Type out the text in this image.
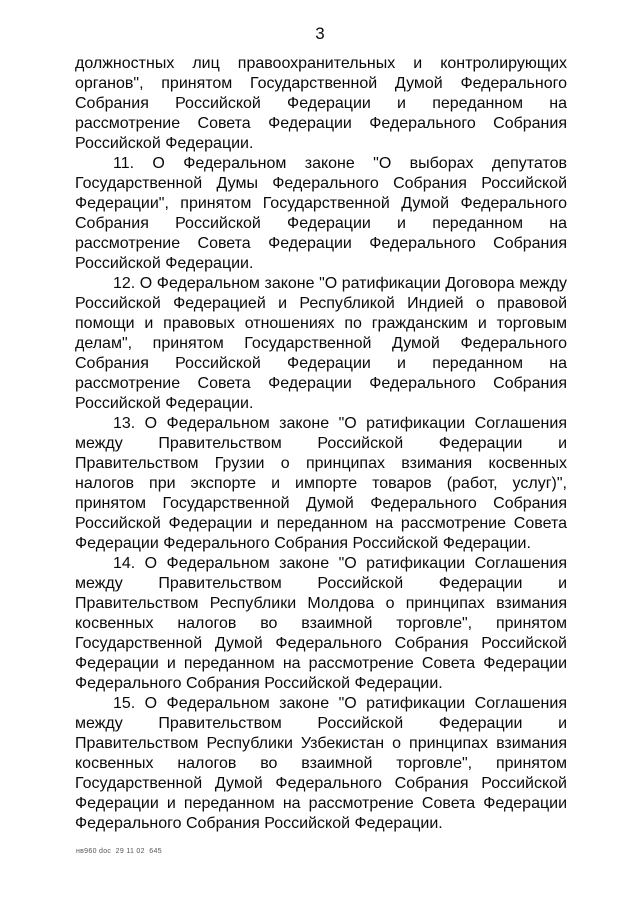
3

должностных лиц правоохранительных и контролирующих органов", принятом Государственной Думой Федерального Собрания Российской Федерации и переданном на рассмотрение Совета Федерации Федерального Собрания Российской Федерации.

11. О Федеральном законе "О выборах депутатов Государственной Думы Федерального Собрания Российской Федерации", принятом Государственной Думой Федерального Собрания Российской Федерации и переданном на рассмотрение Совета Федерации Федерального Собрания Российской Федерации.

12. О Федеральном законе "О ратификации Договора между Российской Федерацией и Республикой Индией о правовой помощи и правовых отношениях по гражданским и торговым делам", принятом Государственной Думой Федерального Собрания Российской Федерации и переданном на рассмотрение Совета Федерации Федерального Собрания Российской Федерации.

13. О Федеральном законе "О ратификации Соглашения между Правительством Российской Федерации и Правительством Грузии о принципах взимания косвенных налогов при экспорте и импорте товаров (работ, услуг)", принятом Государственной Думой Федерального Собрания Российской Федерации и переданном на рассмотрение Совета Федерации Федерального Собрания Российской Федерации.

14. О Федеральном законе "О ратификации Соглашения между Правительством Российской Федерации и Правительством Республики Молдова о принципах взимания косвенных налогов во взаимной торговле", принятом Государственной Думой Федерального Собрания Российской Федерации и переданном на рассмотрение Совета Федерации Федерального Собрания Российской Федерации.

15. О Федеральном законе "О ратификации Соглашения между Правительством Российской Федерации и Правительством Республики Узбекистан о принципах взимания косвенных налогов во взаимной торговле", принятом Государственной Думой Федерального Собрания Российской Федерации и переданном на рассмотрение Совета Федерации Федерального Собрания Российской Федерации.

нв960 doc  29 11 02  645
